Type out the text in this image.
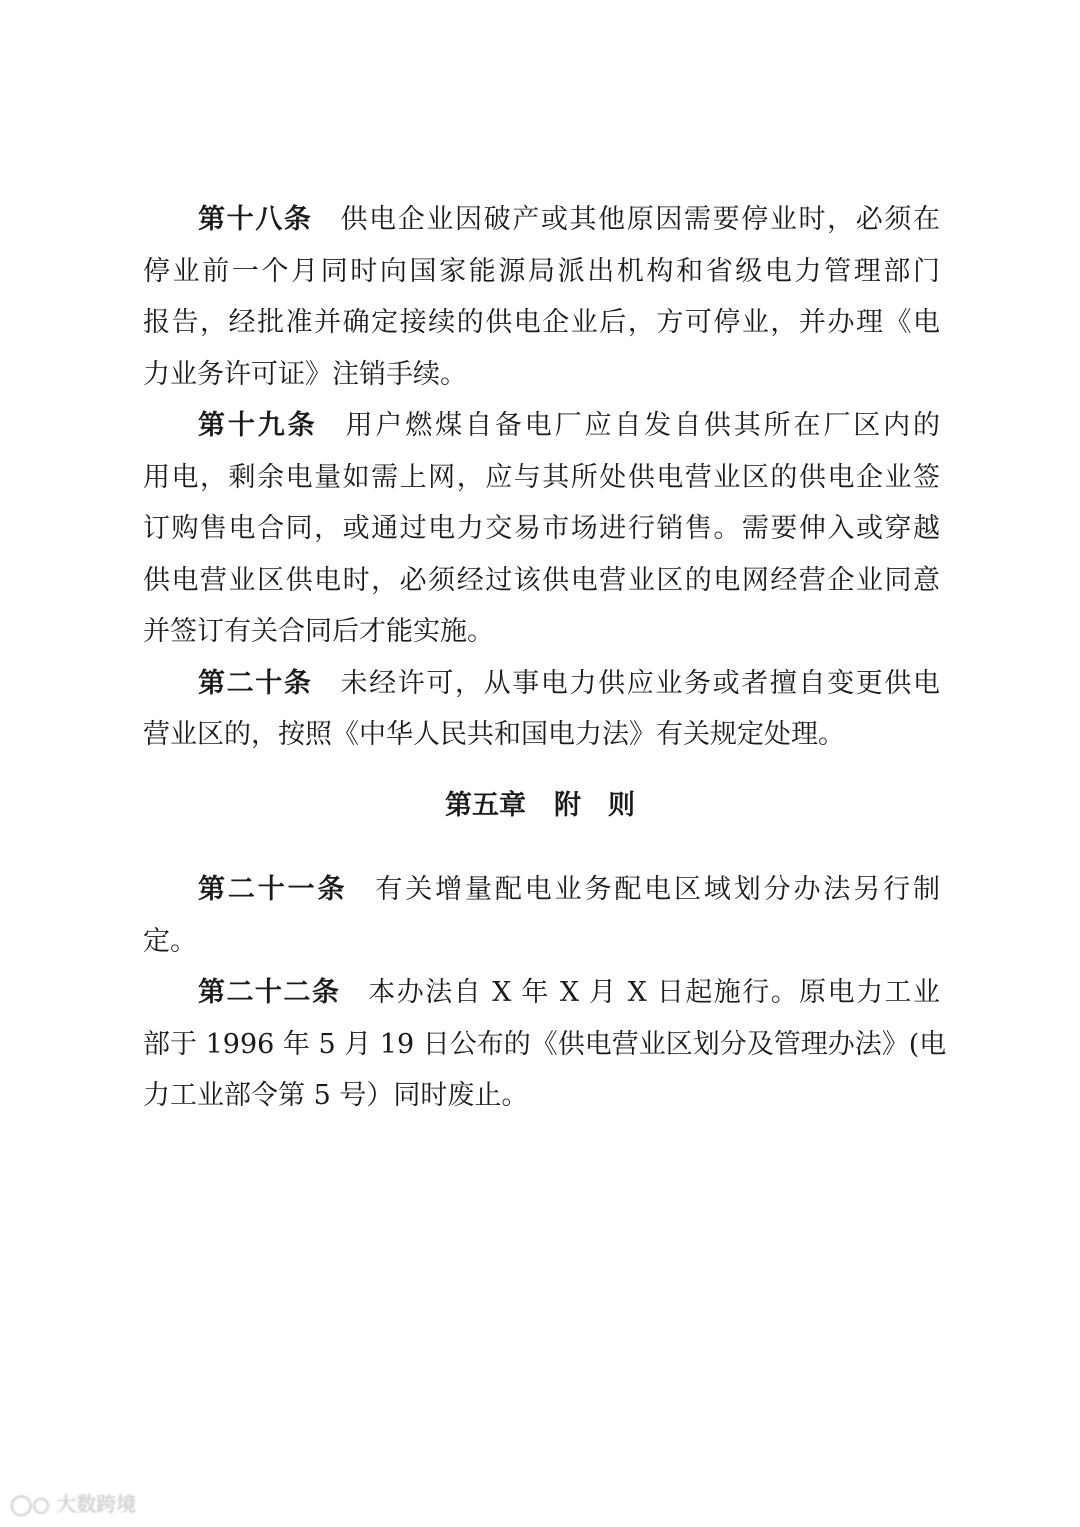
第十八条 供电企业因破产或其他原因需要停业时，必须在
停业前一个月同时向国家能源局派出机构和省级电力管理部门
报告，经批准并确定接续的供电企业后，方可停业，并办理《电
力业务许可证》注销手续。
第十九条 用户燃煤自备电厂应自发自供其所在厂区内的
用电，剩余电量如需上网，应与其所处供电营业区的供电企业签
订购售电合同，或通过电力交易市场进行销售。需要伸入或穿越
供电营业区供电时，必须经过该供电营业区的电网经营企业同意
并签订有关合同后才能实施。
第二十条 未经许可，从事电力供应业务或者擅自变更供电
营业区的，按照《中华人民共和国电力法》有关规定处理。
第五章 附　则
第二十一条 有关增量配电业务配电区域划分办法另行制
定。
第二十二条 本办法自 X 年 X 月 X 日起施行。原电力工业
部于 1996 年 5 月 19 日公布的《供电营业区划分及管理办法》(电
力工业部令第 5 号）同时废止。
◯○ 大数跨境
